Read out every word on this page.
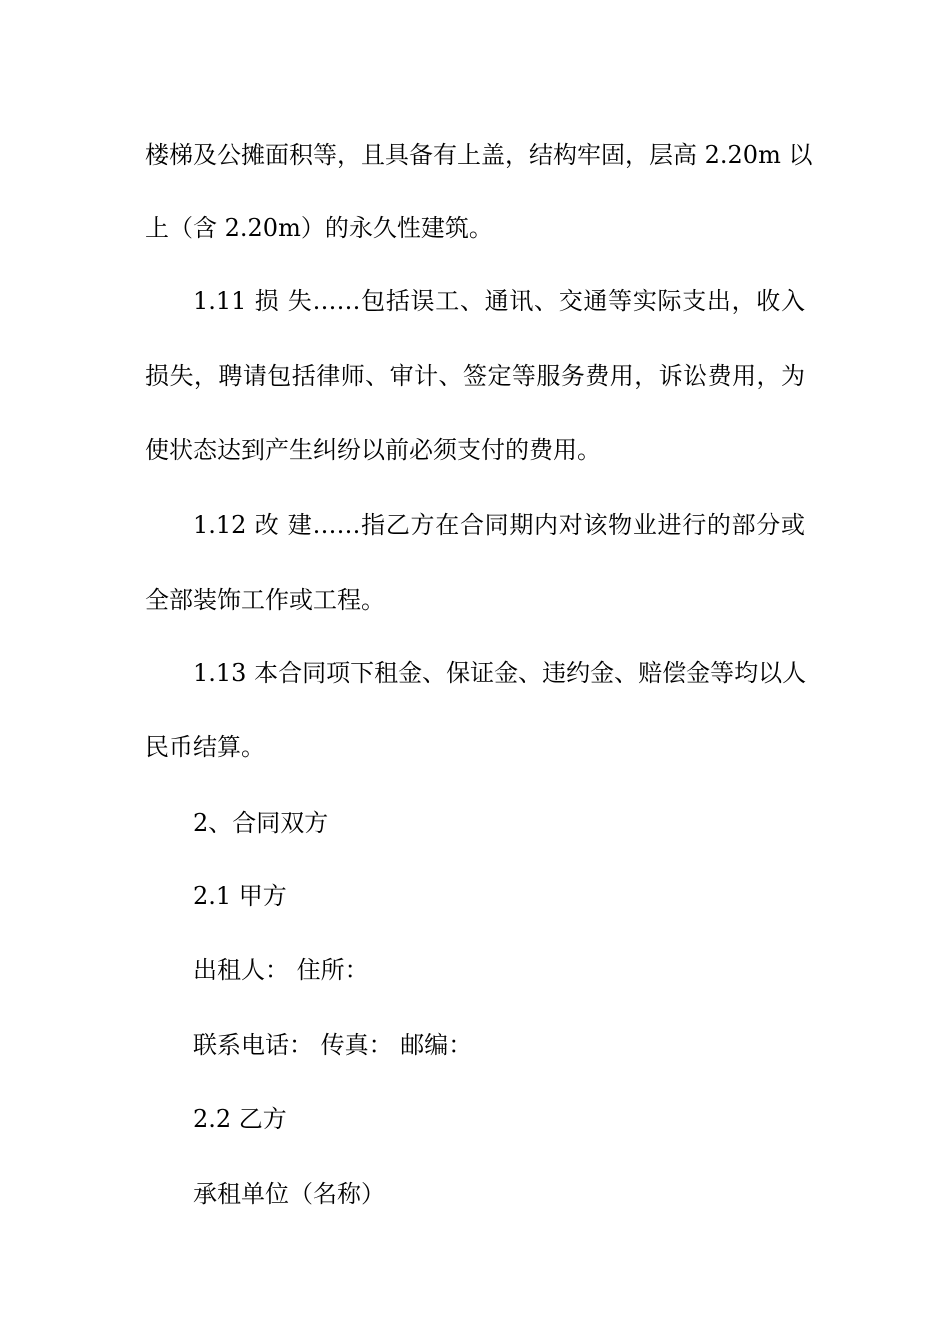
楼梯及公摊面积等，且具备有上盖，结构牢固，层高 2.20m 以

上（含 2.20m）的永久性建筑。

1.11 损 失……包括误工、通讯、交通等实际支出，收入

损失，聘请包括律师、审计、签定等服务费用，诉讼费用，为

使状态达到产生纠纷以前必须支付的费用。

1.12 改 建……指乙方在合同期内对该物业进行的部分或

全部装饰工作或工程。

1.13 本合同项下租金、保证金、违约金、赔偿金等均以人

民币结算。

2、合同双方

2.1 甲方

出租人： 住所：

联系电话： 传真： 邮编：

2.2 乙方

承租单位（名称）
